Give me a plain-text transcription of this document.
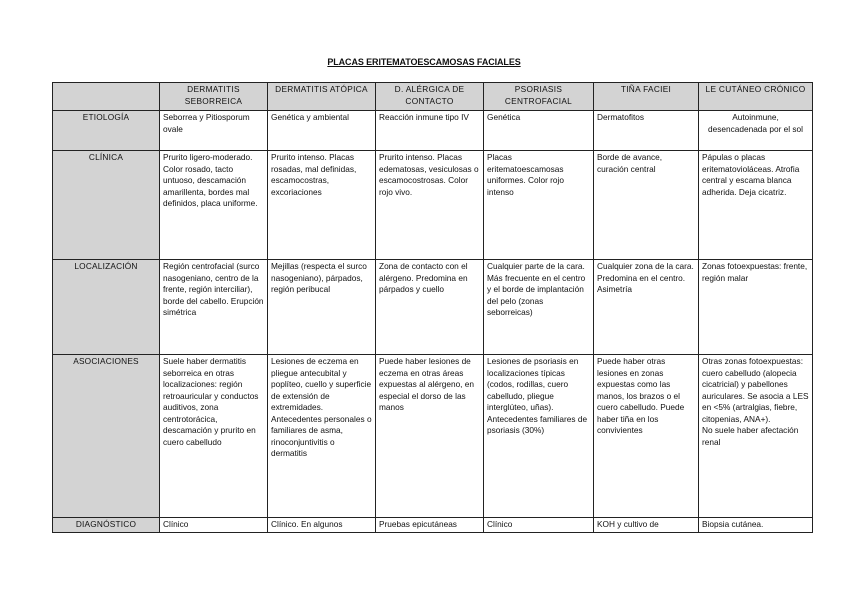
PLACAS ERITEMATOESCAMOSAS FACIALES
	DERMATITIS SEBORREICA	DERMATITIS ATÓPICA	D. ALÉRGICA DE CONTACTO	PSORIASIS CENTROFACIAL	TIÑA FACIEI	LE CUTÁNEO CRÓNICO
ETIOLOGÍA	Seborrea y Pitiosporum ovale	Genética y ambiental	Reacción inmune tipo IV	Genética	Dermatofitos	Autoinmune, desencadenada por el sol
CLÍNICA	Prurito ligero-moderado. Color rosado, tacto untuoso, descamación amarillenta, bordes mal definidos, placa uniforme.	Prurito intenso. Placas rosadas, mal definidas, escamocostras, excoriaciones	Prurito intenso. Placas edematosas, vesiculosas o escamocostrosas. Color rojo vivo.	Placas eritematoescamosas uniformes. Color rojo intenso	Borde de avance, curación central	Pápulas o placas eritematovioláceas. Atrofia central y escama blanca adherida. Deja cicatriz.
LOCALIZACIÓN	Región centrofacial (surco nasogeniano, centro de la frente, región interciliar), borde del cabello. Erupción simétrica	Mejillas (respecta el surco nasogeniano), párpados, región peribucal	Zona de contacto con el alérgeno. Predomina en párpados y cuello	Cualquier parte de la cara. Más frecuente en el centro y el borde de implantación del pelo (zonas seborreicas)	Cualquier zona de la cara. Predomina en el centro. Asimetría	Zonas fotoexpuestas: frente, región malar
ASOCIACIONES	Suele haber dermatitis seborreica en otras localizaciones: región retroauricular y conductos auditivos, zona centrotorácica, descamación y prurito en cuero cabelludo	Lesiones de eczema en pliegue antecubital y poplíteo, cuello y superficie de extensión de extremidades. Antecedentes personales o familiares de asma, rinoconjuntivitis o dermatitis	Puede haber lesiones de eczema en otras áreas expuestas al alérgeno, en especial el dorso de las manos	Lesiones de psoriasis en localizaciones típicas (codos, rodillas, cuero cabelludo, pliegue interglúteo, uñas). Antecedentes familiares de psoriasis (30%)	Puede haber otras lesiones en zonas expuestas como las manos, los brazos o el cuero cabelludo. Puede haber tiña en los convivientes	Otras zonas fotoexpuestas: cuero cabelludo (alopecia cicatricial) y pabellones auriculares. Se asocia a LES en <5% (artralgias, fiebre, citopenias, ANA+).
No suele haber afectación renal

DIAGNÓSTICO	Clínico	Clínico. En algunos	Pruebas epicutáneas	Clínico	KOH y cultivo de	Biopsia cutánea.
